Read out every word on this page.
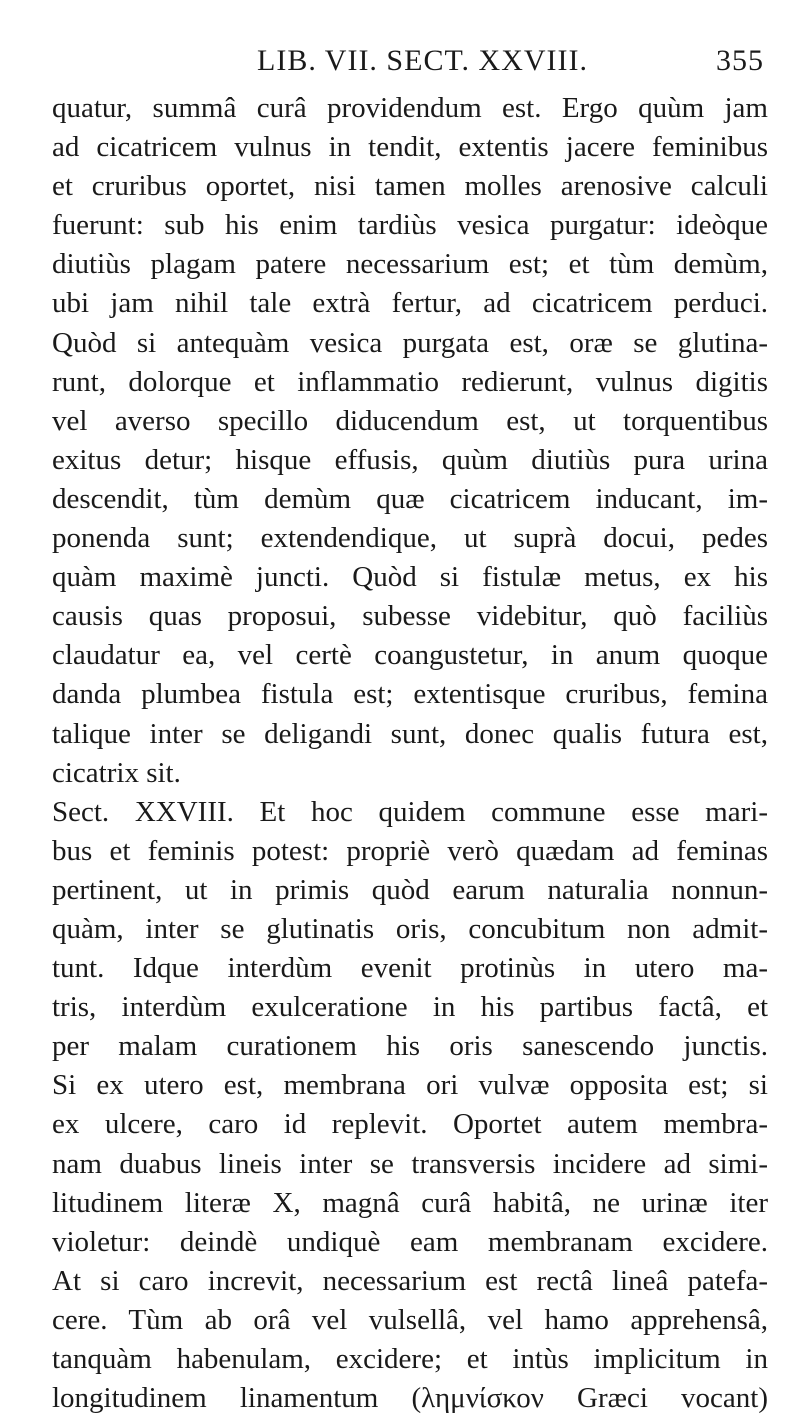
LIB. VII. SECT. XXVIII.	355
quatur, summâ curâ providendum est. Ergo quùm jam
ad cicatricem vulnus in tendit, extentis jacere feminibus
et cruribus oportet, nisi tamen molles arenosive calculi
fuerunt: sub his enim tardiùs vesica purgatur: ideòque
diutiùs plagam patere necessarium est; et tùm demùm,
ubi jam nihil tale extrà fertur, ad cicatricem perduci.
Quòd si antequàm vesica purgata est, oræ se glutina-
runt, dolorque et inflammatio redierunt, vulnus digitis
vel averso specillo diducendum est, ut torquentibus
exitus detur; hisque effusis, quùm diutiùs pura urina
descendit, tùm demùm quæ cicatricem inducant, im-
ponenda sunt; extendendique, ut suprà docui, pedes
quàm maximè juncti. Quòd si fistulæ metus, ex his
causis quas proposui, subesse videbitur, quò faciliùs
claudatur ea, vel certè coangustetur, in anum quoque
danda plumbea fistula est; extentisque cruribus, femina
talique inter se deligandi sunt, donec qualis futura est,
cicatrix sit.
Sect. XXVIII. Et hoc quidem commune esse mari-
bus et feminis potest: propriè verò quædam ad feminas
pertinent, ut in primis quòd earum naturalia nonnun-
quàm, inter se glutinatis oris, concubitum non admit-
tunt. Idque interdùm evenit protinùs in utero ma-
tris, interdùm exulceratione in his partibus factâ, et
per malam curationem his oris sanescendo junctis.
Si ex utero est, membrana ori vulvæ opposita est; si
ex ulcere, caro id replevit. Oportet autem membra-
nam duabus lineis inter se transversis incidere ad simi-
litudinem literæ X, magnâ curâ habitâ, ne urinæ iter
violetur: deindè undiquè eam membranam excidere.
At si caro increvit, necessarium est rectâ lineâ patefa-
cere. Tùm ab orâ vel vulsellâ, vel hamo apprehensâ,
tanquàm habenulam, excidere; et intùs implicitum in
longitudinem linamentum (λημνίσκον Græci vocant)
